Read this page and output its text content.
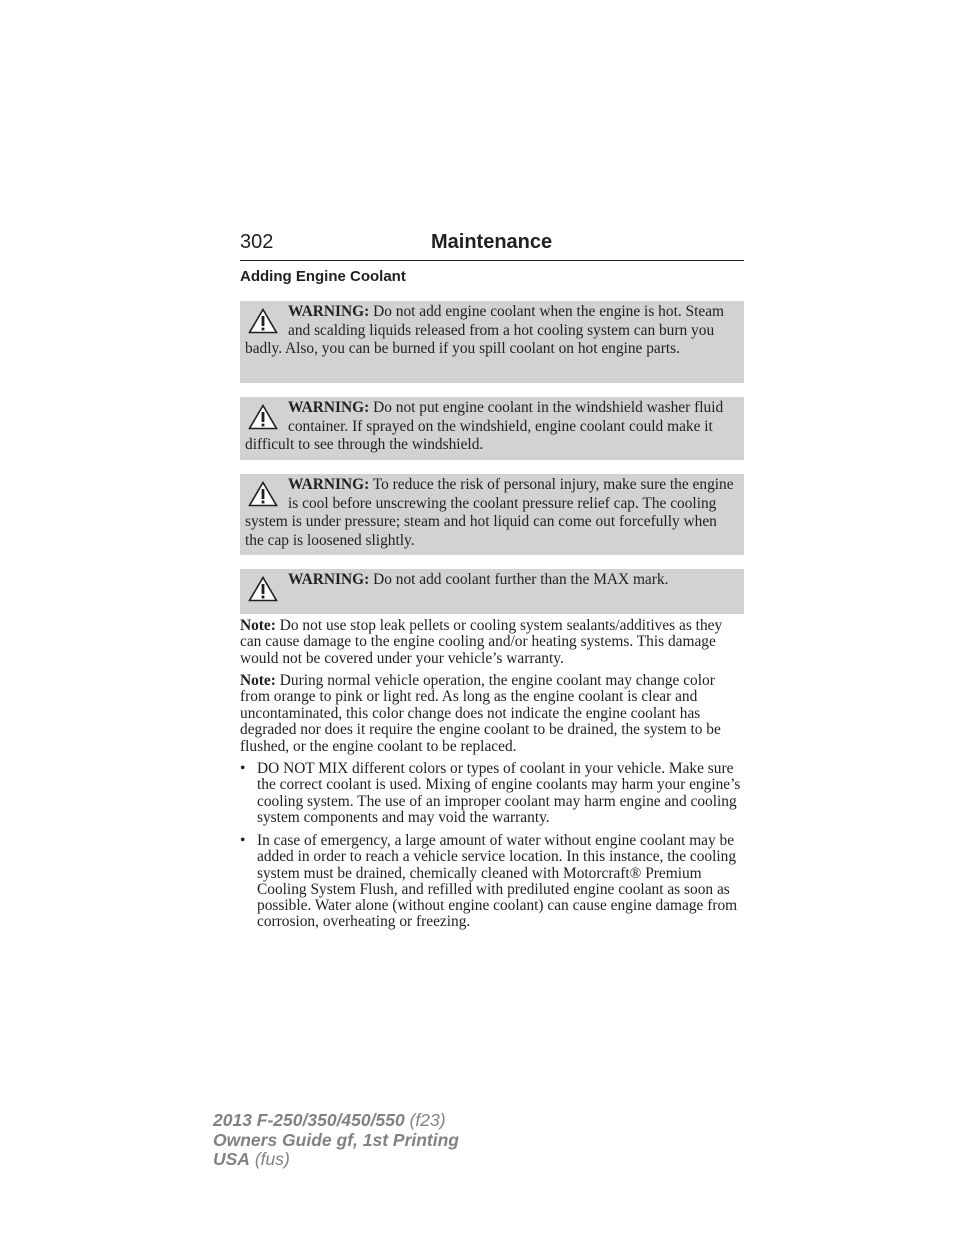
302	Maintenance
Adding Engine Coolant
WARNING: Do not add engine coolant when the engine is hot. Steam and scalding liquids released from a hot cooling system can burn you badly. Also, you can be burned if you spill coolant on hot engine parts.
WARNING: Do not put engine coolant in the windshield washer fluid container. If sprayed on the windshield, engine coolant could make it difficult to see through the windshield.
WARNING: To reduce the risk of personal injury, make sure the engine is cool before unscrewing the coolant pressure relief cap. The cooling system is under pressure; steam and hot liquid can come out forcefully when the cap is loosened slightly.
WARNING: Do not add coolant further than the MAX mark.

Note: Do not use stop leak pellets or cooling system sealants/additives as they can cause damage to the engine cooling and/or heating systems. This damage would not be covered under your vehicle’s warranty.

Note: During normal vehicle operation, the engine coolant may change color from orange to pink or light red. As long as the engine coolant is clear and uncontaminated, this color change does not indicate the engine coolant has degraded nor does it require the engine coolant to be drained, the system to be flushed, or the engine coolant to be replaced.

• DO NOT MIX different colors or types of coolant in your vehicle. Make sure the correct coolant is used. Mixing of engine coolants may harm your engine’s cooling system. The use of an improper coolant may harm engine and cooling system components and may void the warranty.
• In case of emergency, a large amount of water without engine coolant may be added in order to reach a vehicle service location. In this instance, the cooling system must be drained, chemically cleaned with Motorcraft® Premium Cooling System Flush, and refilled with prediluted engine coolant as soon as possible. Water alone (without engine coolant) can cause engine damage from corrosion, overheating or freezing.
2013 F-250/350/450/550 (f23)
Owners Guide gf, 1st Printing
USA (fus)
